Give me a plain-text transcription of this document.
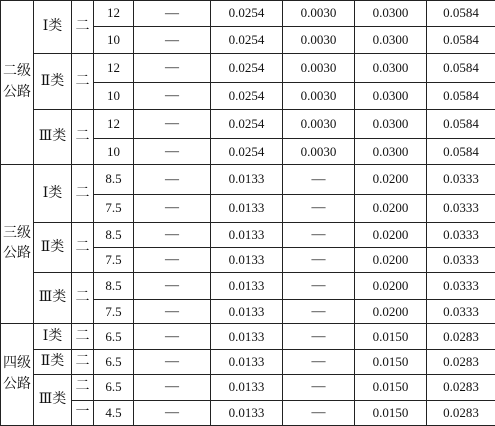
二级
公路	Ⅰ类	二	12	—	0.0254	0.0030	0.0300	0.0584
			10	—	0.0254	0.0030	0.0300	0.0584
	Ⅱ类	二	12	—	0.0254	0.0030	0.0300	0.0584
			10	—	0.0254	0.0030	0.0300	0.0584
	Ⅲ类	二	12	—	0.0254	0.0030	0.0300	0.0584
			10	—	0.0254	0.0030	0.0300	0.0584

三级
公路	Ⅰ类	二	8.5	—	0.0133	—	0.0200	0.0333
			7.5	—	0.0133	—	0.0200	0.0333
	Ⅱ类	二	8.5	—	0.0133	—	0.0200	0.0333
			7.5	—	0.0133	—	0.0200	0.0333
	Ⅲ类	二	8.5	—	0.0133	—	0.0200	0.0333
			7.5	—	0.0133	—	0.0200	0.0333

四级
公路	Ⅰ类	二	6.5	—	0.0133	—	0.0150	0.0283
	Ⅱ类	二	6.5	—	0.0133	—	0.0150	0.0283
	Ⅲ类	二	6.5	—	0.0133	—	0.0150	0.0283
		一	4.5	—	0.0133	—	0.0150	0.0283
